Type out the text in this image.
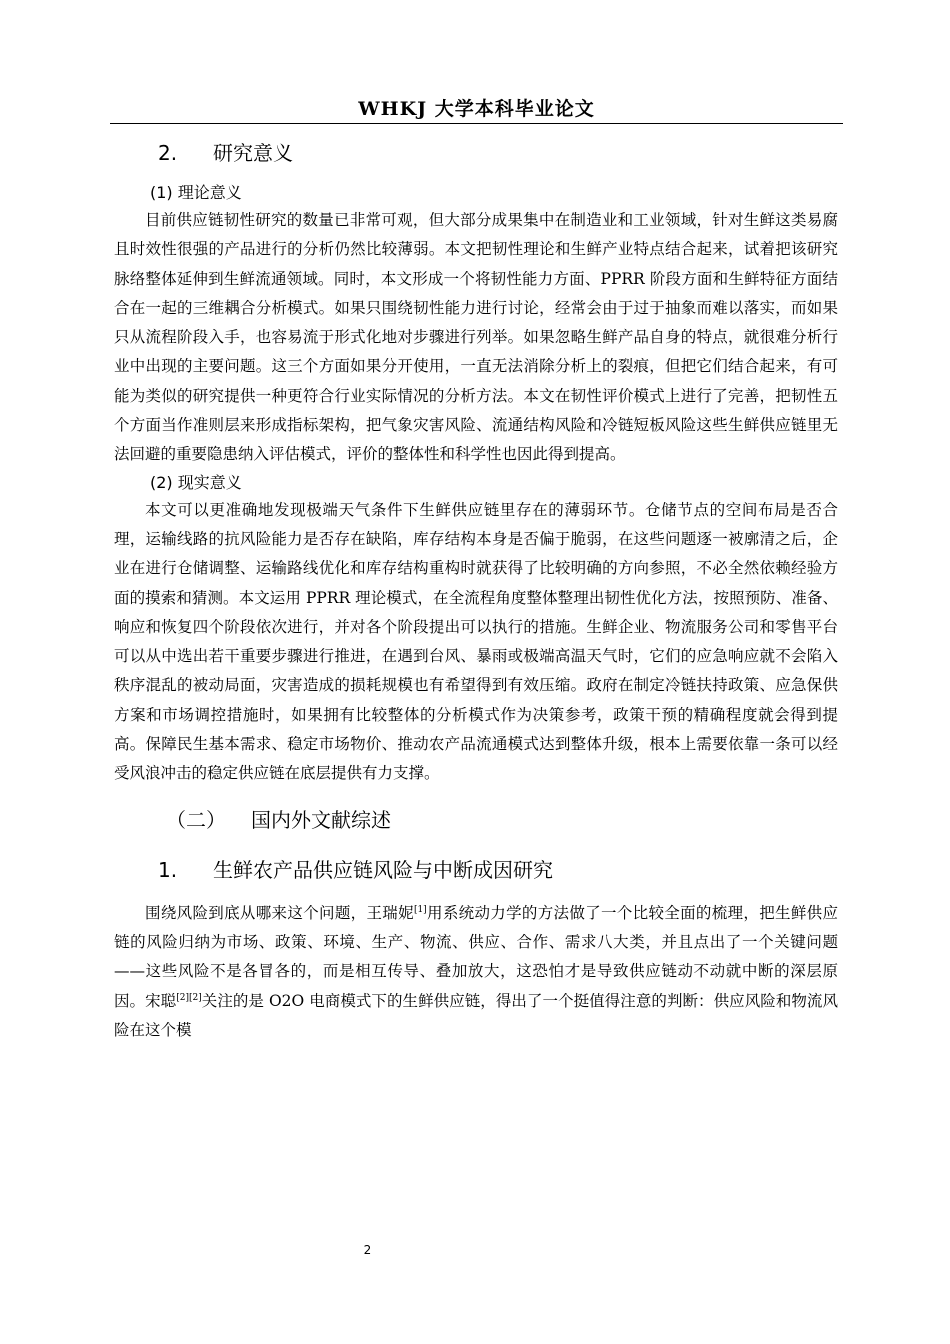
WHKJ 大学本科毕业论文
2.	研究意义
(1) 理论意义

目前供应链韧性研究的数量已非常可观，但大部分成果集中在制造业和工业领域，针对生鲜这类易腐且时效性很强的产品进行的分析仍然比较薄弱。本文把韧性理论和生鲜产业特点结合起来，试着把该研究脉络整体延伸到生鲜流通领域。同时，本文形成一个将韧性能力方面、PPRR 阶段方面和生鲜特征方面结合在一起的三维耦合分析模式。如果只围绕韧性能力进行讨论，经常会由于过于抽象而难以落实，而如果只从流程阶段入手，也容易流于形式化地对步骤进行列举。如果忽略生鲜产品自身的特点，就很难分析行业中出现的主要问题。这三个方面如果分开使用，一直无法消除分析上的裂痕，但把它们结合起来，有可能为类似的研究提供一种更符合行业实际情况的分析方法。本文在韧性评价模式上进行了完善，把韧性五个方面当作准则层来形成指标架构，把气象灾害风险、流通结构风险和冷链短板风险这些生鲜供应链里无法回避的重要隐患纳入评估模式，评价的整体性和科学性也因此得到提高。

(2) 现实意义

本文可以更准确地发现极端天气条件下生鲜供应链里存在的薄弱环节。仓储节点的空间布局是否合理，运输线路的抗风险能力是否存在缺陷，库存结构本身是否偏于脆弱，在这些问题逐一被廓清之后，企业在进行仓储调整、运输路线优化和库存结构重构时就获得了比较明确的方向参照，不必全然依赖经验方面的摸索和猜测。本文运用 PPRR 理论模式，在全流程角度整体整理出韧性优化方法，按照预防、准备、响应和恢复四个阶段依次进行，并对各个阶段提出可以执行的措施。生鲜企业、物流服务公司和零售平台可以从中选出若干重要步骤进行推进，在遇到台风、暴雨或极端高温天气时，它们的应急响应就不会陷入秩序混乱的被动局面，灾害造成的损耗规模也有希望得到有效压缩。政府在制定冷链扶持政策、应急保供方案和市场调控措施时，如果拥有比较整体的分析模式作为决策参考，政策干预的精确程度就会得到提高。保障民生基本需求、稳定市场物价、推动农产品流通模式达到整体升级，根本上需要依靠一条可以经受风浪冲击的稳定供应链在底层提供有力支撑。

（二）	国内外文献综述
1.	生鲜农产品供应链风险与中断成因研究

围绕风险到底从哪来这个问题，王瑞妮[1]用系统动力学的方法做了一个比较全面的梳理，把生鲜供应链的风险归纳为市场、政策、环境、生产、物流、供应、合作、需求八大类，并且点出了一个关键问题——这些风险不是各冒各的，而是相互传导、叠加放大，这恐怕才是导致供应链动不动就中断的深层原因。宋聪[2][2]关注的是 O2O 电商模式下的生鲜供应链，得出了一个挺值得注意的判断：供应风险和物流风险在这个模

2
